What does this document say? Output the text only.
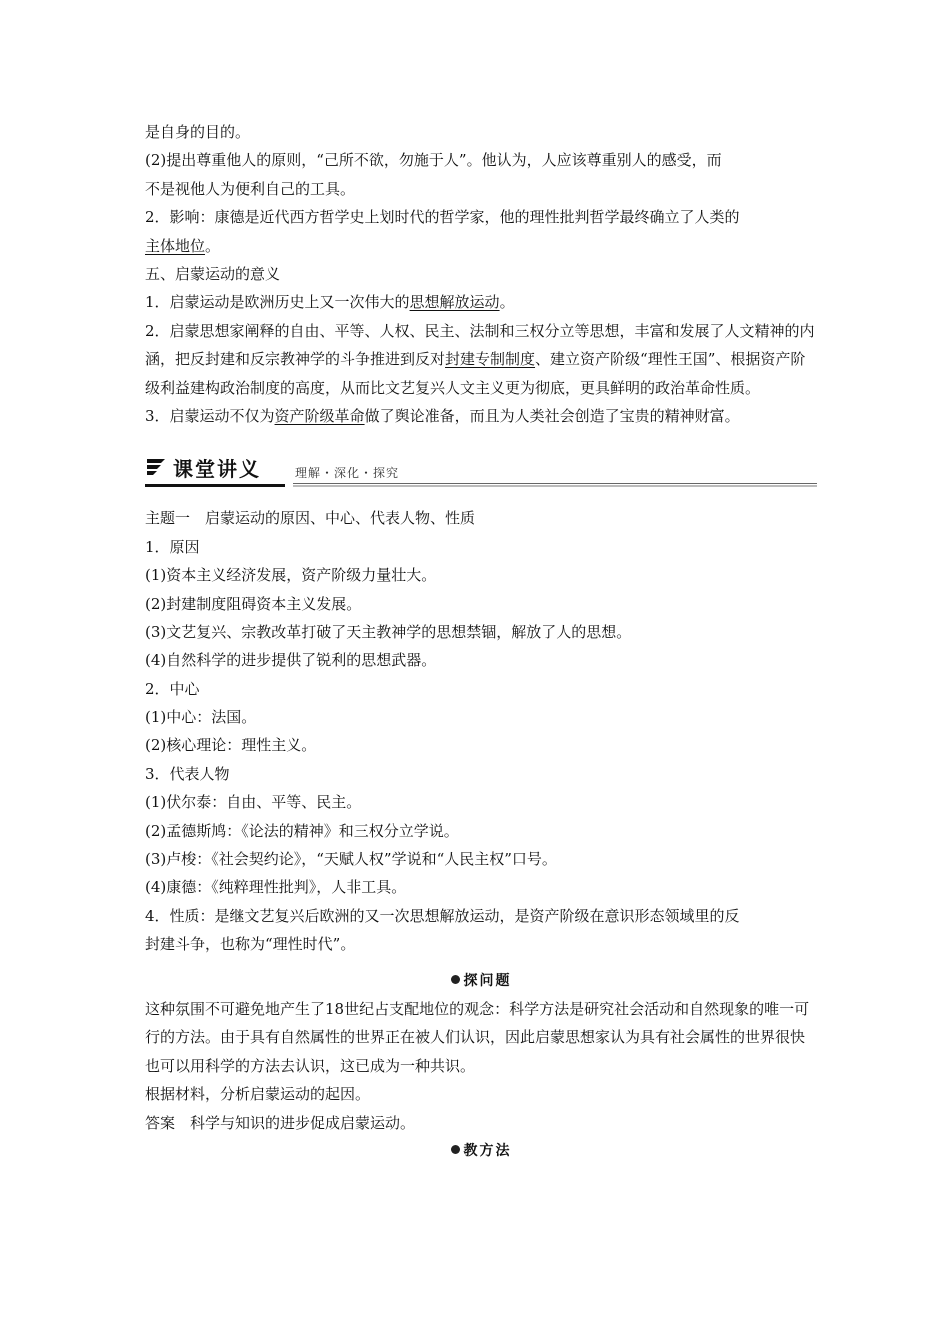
是自身的目的。
(2)提出尊重他人的原则，“己所不欲，勿施于人”。他认为，人应该尊重别人的感受，而
不是视他人为便利自己的工具。
2．影响：康德是近代西方哲学史上划时代的哲学家，他的理性批判哲学最终确立了人类的
主体地位。
五、启蒙运动的意义
1．启蒙运动是欧洲历史上又一次伟大的思想解放运动。
2．启蒙思想家阐释的自由、平等、人权、民主、法制和三权分立等思想，丰富和发展了人文精神的内涵，把反封建和反宗教神学的斗争推进到反对封建专制制度、建立资产阶级“理性王国”、根据资产阶级利益建构政治制度的高度，从而比文艺复兴人文主义更为彻底，更具鲜明的政治革命性质。
3．启蒙运动不仅为资产阶级革命做了舆论准备，而且为人类社会创造了宝贵的精神财富。
课堂讲义	理解・深化・探究
主题一　启蒙运动的原因、中心、代表人物、性质
1．原因
(1)资本主义经济发展，资产阶级力量壮大。
(2)封建制度阻碍资本主义发展。
(3)文艺复兴、宗教改革打破了天主教神学的思想禁锢，解放了人的思想。
(4)自然科学的进步提供了锐利的思想武器。
2．中心
(1)中心：法国。
(2)核心理论：理性主义。
3．代表人物
(1)伏尔泰：自由、平等、民主。
(2)孟德斯鸠：《论法的精神》和三权分立学说。
(3)卢梭：《社会契约论》，“天赋人权”学说和“人民主权”口号。
(4)康德：《纯粹理性批判》，人非工具。
4．性质：是继文艺复兴后欧洲的又一次思想解放运动，是资产阶级在意识形态领域里的反
封建斗争，也称为“理性时代”。
探问题
这种氛围不可避免地产生了18世纪占支配地位的观念：科学方法是研究社会活动和自然现象的唯一可行的方法。由于具有自然属性的世界正在被人们认识，因此启蒙思想家认为具有社会属性的世界很快也可以用科学的方法去认识，这已成为一种共识。
根据材料，分析启蒙运动的起因。
答案　科学与知识的进步促成启蒙运动。
教方法
